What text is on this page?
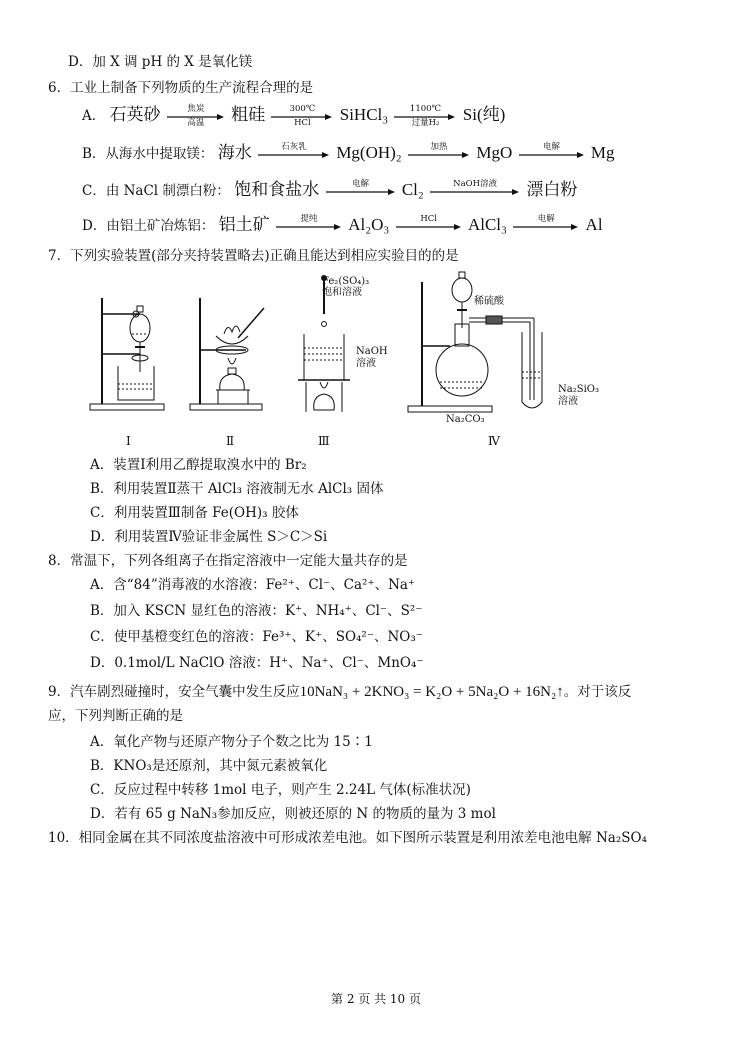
D．加 X 调 pH 的 X 是氧化镁
6．工业上制备下列物质的生产流程合理的是
A． 石英砂	焦炭
高温	粗硅	300℃
HCl	SiHCl₃	1100℃
过量H₂	Si(纯)
B．从海水中提取镁： 海水	石灰乳	Mg(OH)₂	加热	MgO	电解	Mg
C．由 NaCl 制漂白粉： 饱和食盐水	电解	Cl₂	NaOH溶液	漂白粉
D．由铝土矿冶炼铝： 铝土矿	提纯	Al₂O₃	HCl	AlCl₃	电解	Al
7．下列实验装置(部分夹持装置略去)正确且能达到相应实验目的的是
Fe₂(SO₄)₃
饱和溶液
NaOH
溶液
稀硫酸
Na₂SiO₃
溶液
Na₂CO₃
Ⅰ	Ⅱ	Ⅲ	Ⅳ
A．装置Ⅰ利用乙醇提取溴水中的 Br₂
B．利用装置Ⅱ蒸干 AlCl₃ 溶液制无水 AlCl₃ 固体
C．利用装置Ⅲ制备 Fe(OH)₃ 胶体
D．利用装置Ⅳ验证非金属性 S＞C＞Si
8．常温下，下列各组离子在指定溶液中一定能大量共存的是
A．含“84”消毒液的水溶液：Fe²⁺、Cl⁻、Ca²⁺、Na⁺
B．加入 KSCN 显红色的溶液：K⁺、NH₄⁺、Cl⁻、S²⁻
C．使甲基橙变红色的溶液：Fe³⁺、K⁺、SO₄²⁻、NO₃⁻
D．0.1mol/L NaClO 溶液：H⁺、Na⁺、Cl⁻、MnO₄⁻
9．汽车剧烈碰撞时，安全气囊中发生反应10NaN₃ + 2KNO₃ = K₂O + 5Na₂O + 16N₂↑。对于该反
应，下列判断正确的是
A．氧化产物与还原产物分子个数之比为 15∶1
B．KNO₃是还原剂，其中氮元素被氧化
C．反应过程中转移 1mol 电子，则产生 2.24L 气体(标准状况)
D．若有 65 g NaN₃参加反应，则被还原的 N 的物质的量为 3 mol
10．相同金属在其不同浓度盐溶液中可形成浓差电池。如下图所示装置是利用浓差电池电解 Na₂SO₄
第 2 页 共 10 页
